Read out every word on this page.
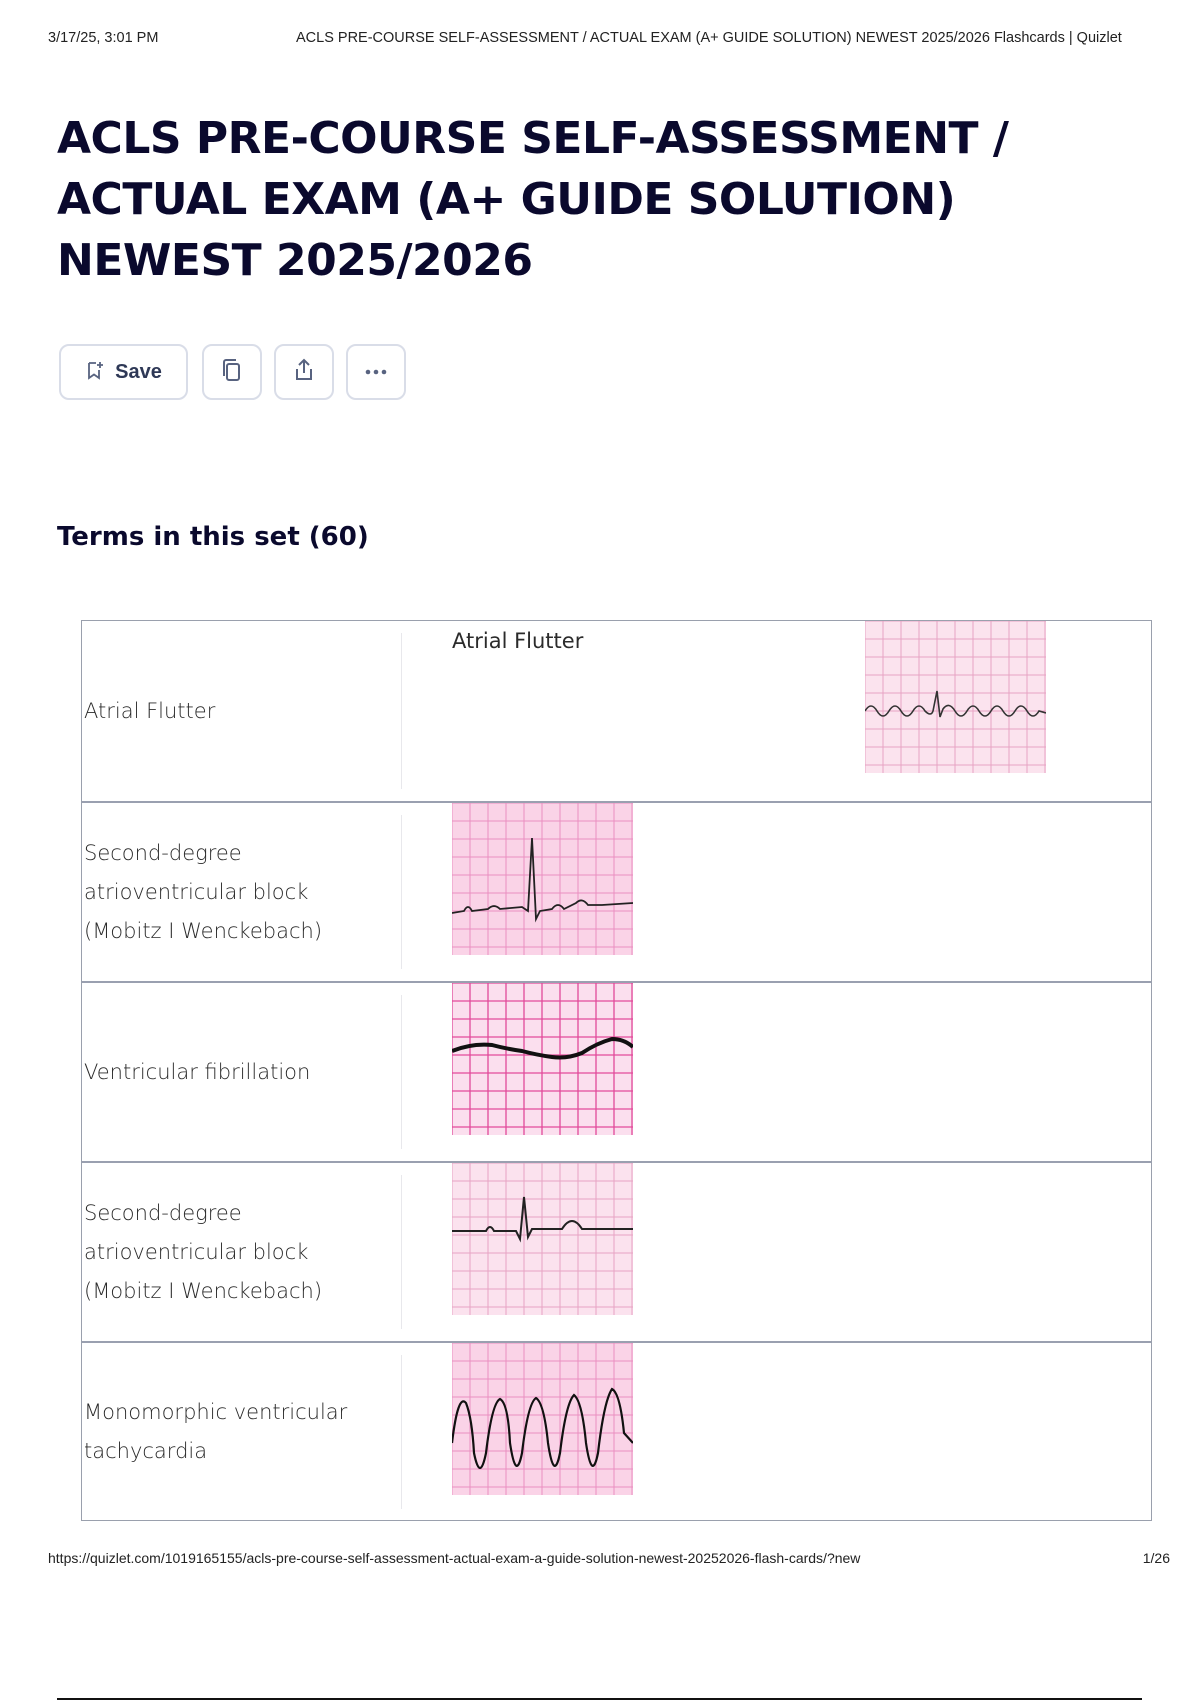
3/17/25, 3:01 PM	ACLS PRE-COURSE SELF-ASSESSMENT / ACTUAL EXAM (A+ GUIDE SOLUTION) NEWEST 2025/2026 Flashcards | Quizlet
ACLS PRE-COURSE SELF-ASSESSMENT / ACTUAL EXAM (A+ GUIDE SOLUTION) NEWEST 2025/2026
Save
Terms in this set (60)
Atrial Flutter
Atrial Flutter
Second-degree atrioventricular block (Mobitz I Wenckebach)
Ventricular fibrillation
Second-degree atrioventricular block (Mobitz I Wenckebach)
Monomorphic ventricular tachycardia
https://quizlet.com/1019165155/acls-pre-course-self-assessment-actual-exam-a-guide-solution-newest-20252026-flash-cards/?new	1/26
